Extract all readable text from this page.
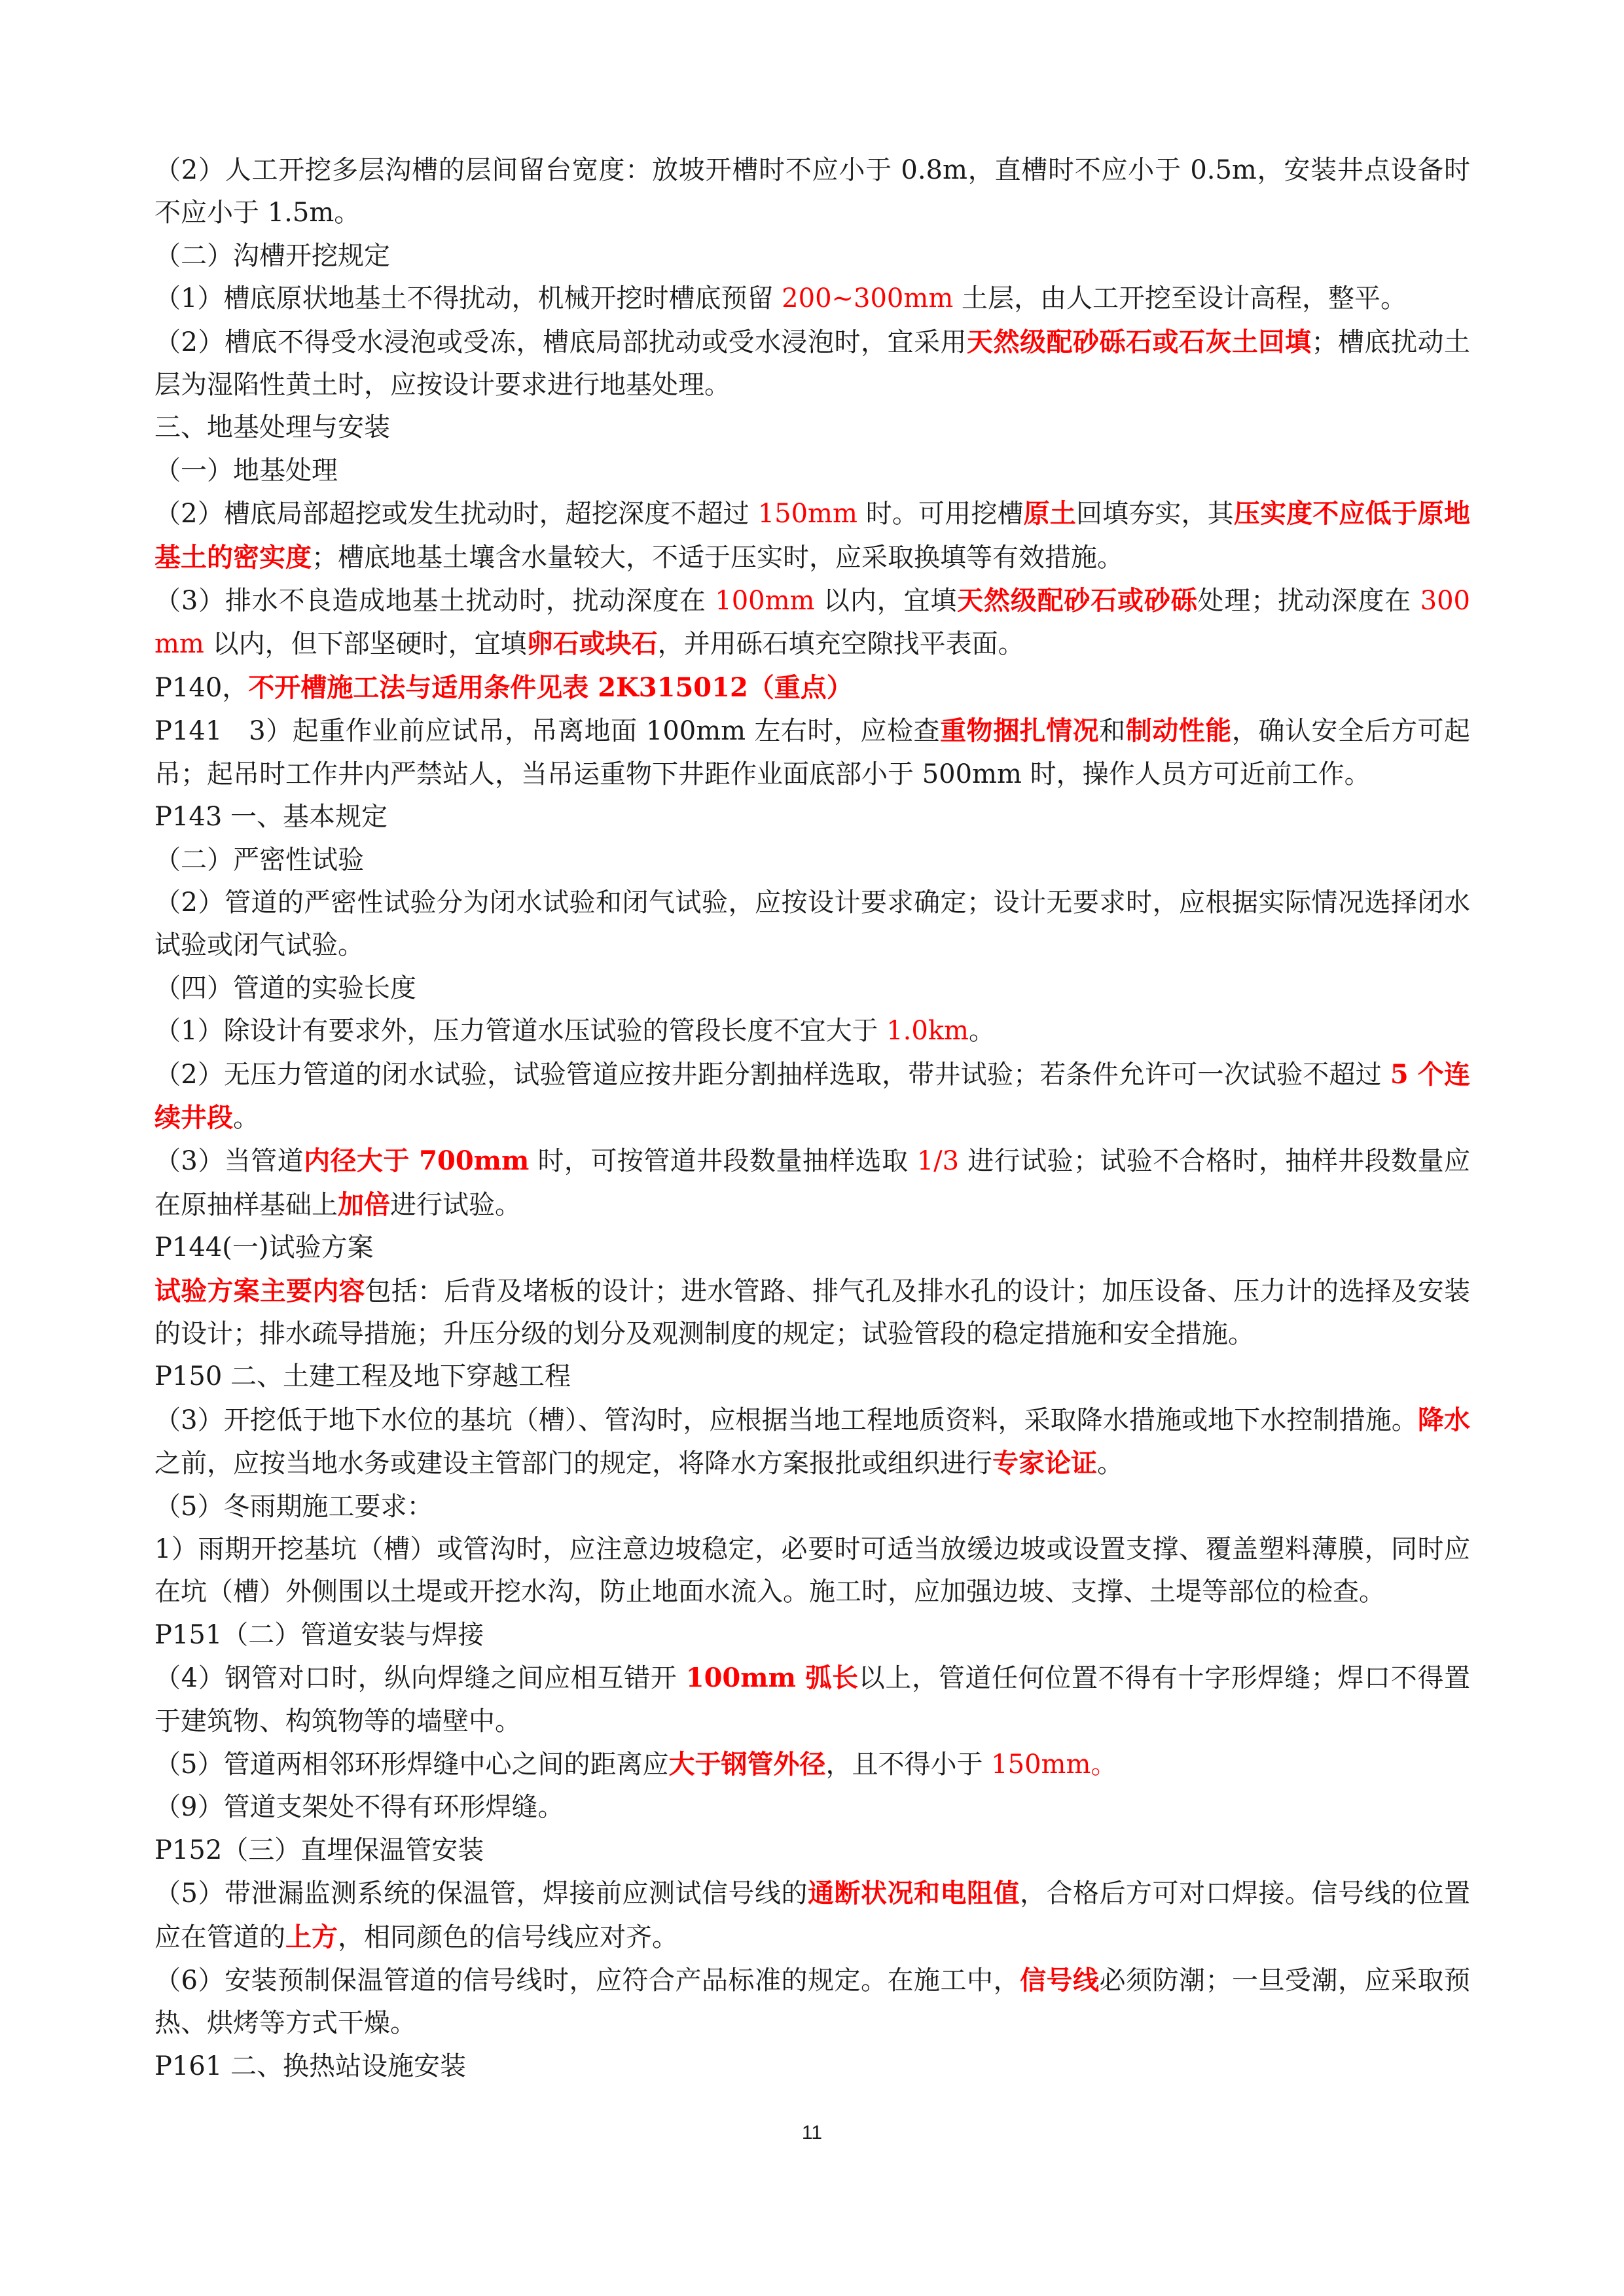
（2）人工开挖多层沟槽的层间留台宽度：放坡开槽时不应小于 0.8m，直槽时不应小于 0.5m，安装井点设备时不应小于 1.5m。

（二）沟槽开挖规定

（1）槽底原状地基土不得扰动，机械开挖时槽底预留 200~300mm 土层，由人工开挖至设计高程，整平。

（2）槽底不得受水浸泡或受冻，槽底局部扰动或受水浸泡时，宜采用天然级配砂砾石或石灰土回填；槽底扰动土层为湿陷性黄土时，应按设计要求进行地基处理。

三、地基处理与安装

（一）地基处理

（2）槽底局部超挖或发生扰动时，超挖深度不超过 150mm 时。可用挖槽原土回填夯实，其压实度不应低于原地基土的密实度；槽底地基土壤含水量较大，不适于压实时，应采取换填等有效措施。

（3）排水不良造成地基土扰动时，扰动深度在 100mm 以内，宜填天然级配砂石或砂砾处理；扰动深度在 300mm 以内，但下部坚硬时，宜填卵石或块石，并用砾石填充空隙找平表面。

P140，不开槽施工法与适用条件见表 2K315012（重点）

P141　3）起重作业前应试吊，吊离地面 100mm 左右时，应检查重物捆扎情况和制动性能，确认安全后方可起吊；起吊时工作井内严禁站人，当吊运重物下井距作业面底部小于 500mm 时，操作人员方可近前工作。

P143 一、基本规定

（二）严密性试验

（2）管道的严密性试验分为闭水试验和闭气试验，应按设计要求确定；设计无要求时，应根据实际情况选择闭水试验或闭气试验。

（四）管道的实验长度

（1）除设计有要求外，压力管道水压试验的管段长度不宜大于 1.0km。

（2）无压力管道的闭水试验，试验管道应按井距分割抽样选取，带井试验；若条件允许可一次试验不超过 5 个连续井段。

（3）当管道内径大于 700mm 时，可按管道井段数量抽样选取 1/3 进行试验；试验不合格时，抽样井段数量应在原抽样基础上加倍进行试验。

P144(一)试验方案

试验方案主要内容包括：后背及堵板的设计；进水管路、排气孔及排水孔的设计；加压设备、压力计的选择及安装的设计；排水疏导措施；升压分级的划分及观测制度的规定；试验管段的稳定措施和安全措施。

P150 二、土建工程及地下穿越工程

（3）开挖低于地下水位的基坑（槽）、管沟时，应根据当地工程地质资料，采取降水措施或地下水控制措施。降水之前，应按当地水务或建设主管部门的规定，将降水方案报批或组织进行专家论证。

（5）冬雨期施工要求：

1）雨期开挖基坑（槽）或管沟时，应注意边坡稳定，必要时可适当放缓边坡或设置支撑、覆盖塑料薄膜，同时应在坑（槽）外侧围以土堤或开挖水沟，防止地面水流入。施工时，应加强边坡、支撑、土堤等部位的检查。

P151（二）管道安装与焊接

（4）钢管对口时，纵向焊缝之间应相互错开 100mm 弧长以上，管道任何位置不得有十字形焊缝；焊口不得置于建筑物、构筑物等的墙壁中。

（5）管道两相邻环形焊缝中心之间的距离应大于钢管外径，且不得小于 150mm。

（9）管道支架处不得有环形焊缝。

P152（三）直埋保温管安装

（5）带泄漏监测系统的保温管，焊接前应测试信号线的通断状况和电阻值，合格后方可对口焊接。信号线的位置应在管道的上方，相同颜色的信号线应对齐。

（6）安装预制保温管道的信号线时，应符合产品标准的规定。在施工中，信号线必须防潮；一旦受潮，应采取预热、烘烤等方式干燥。

P161 二、换热站设施安装

11
